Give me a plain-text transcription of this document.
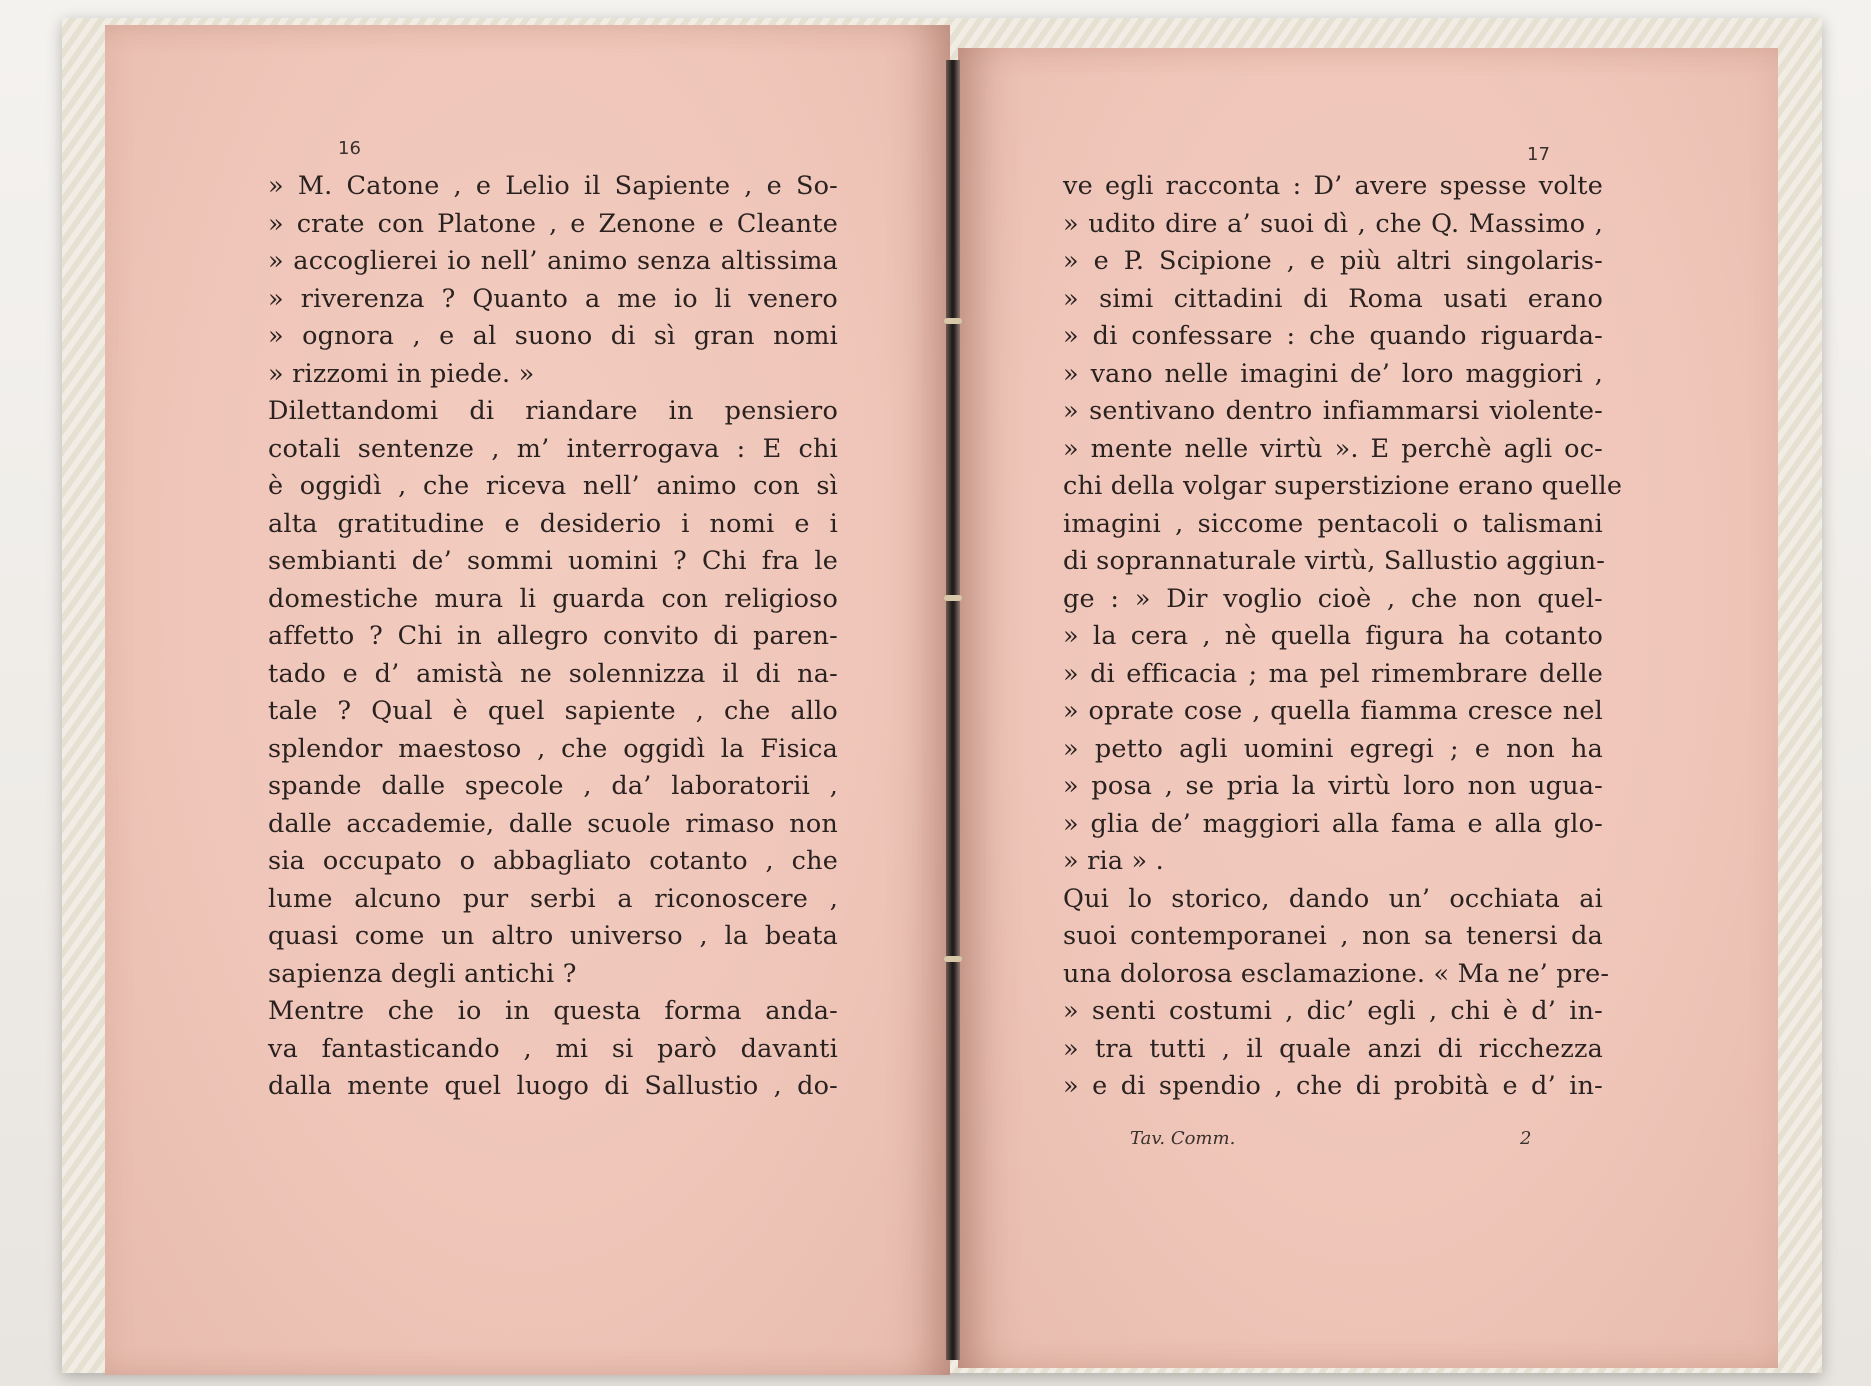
16	17
» M. Catone , e Lelio il Sapiente , e So-
» crate con Platone , e Zenone e Cleante
» accoglierei io nell’ animo senza altissima
» riverenza ? Quanto a me io li venero
» ognora , e al suono di sì gran nomi
» rizzomi in piede. »
Dilettandomi di riandare in pensiero
cotali sentenze , m’ interrogava : E chi
è oggidì , che riceva nell’ animo con sì
alta gratitudine e desiderio i nomi e i
sembianti de’ sommi uomini ? Chi fra le
domestiche mura li guarda con religioso
affetto ? Chi in allegro convito di paren-
tado e d’ amistà ne solennizza il di na-
tale ? Qual è quel sapiente , che allo
splendor maestoso , che oggidì la Fisica
spande dalle specole , da’ laboratorii ,
dalle accademie, dalle scuole rimaso non
sia occupato o abbagliato cotanto , che
lume alcuno pur serbi a riconoscere ,
quasi come un altro universo , la beata
sapienza degli antichi ?
Mentre che io in questa forma anda-
va fantasticando , mi si parò davanti
dalla mente quel luogo di Sallustio , do-
ve egli racconta : D’ avere spesse volte
» udito dire a’ suoi dì , che Q. Massimo ,
» e P. Scipione , e più altri singolaris-
» simi cittadini di Roma usati erano
» di confessare : che quando riguarda-
» vano nelle imagini de’ loro maggiori ,
» sentivano dentro infiammarsi violente-
» mente nelle virtù ». E perchè agli oc-
chi della volgar superstizione erano quelle
imagini , siccome pentacoli o talismani
di soprannaturale virtù, Sallustio aggiun-
ge : » Dir voglio cioè , che non quel-
» la cera , nè quella figura ha cotanto
» di efficacia ; ma pel rimembrare delle
» oprate cose , quella fiamma cresce nel
» petto agli uomini egregi ; e non ha
» posa , se pria la virtù loro non ugua-
» glia de’ maggiori alla fama e alla glo-
» ria » .
Qui lo storico, dando un’ occhiata ai
suoi contemporanei , non sa tenersi da
una dolorosa esclamazione. « Ma ne’ pre-
» senti costumi , dic’ egli , chi è d’ in-
» tra tutti , il quale anzi di ricchezza
» e di spendio , che di probità e d’ in-
Tav. Comm.	2
